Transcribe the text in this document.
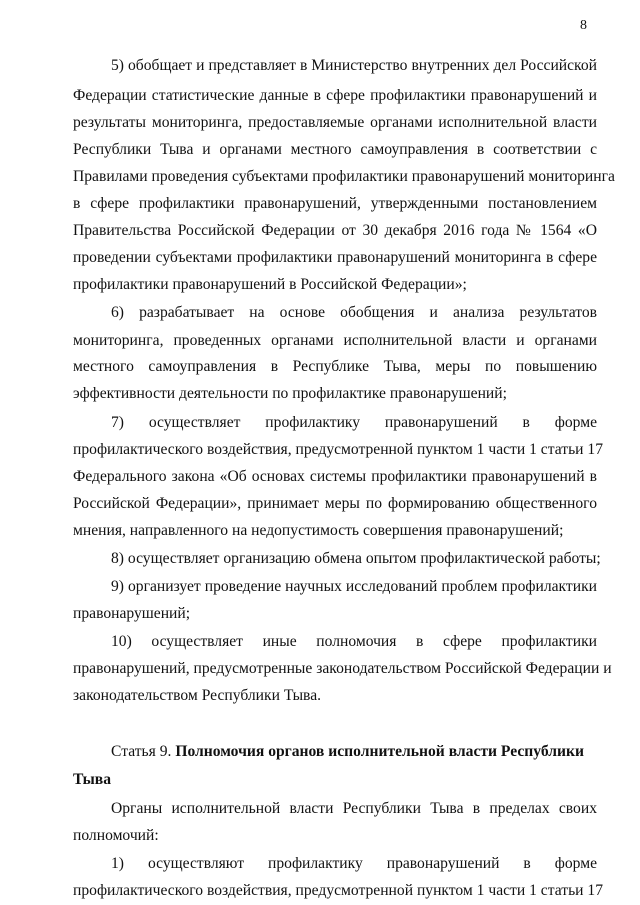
8
5) обобщает и представляет в Министерство внутренних дел Российской
Федерации статистические данные в сфере профилактики правонарушений и
результаты мониторинга, предоставляемые органами исполнительной власти
Республики Тыва и органами местного самоуправления в соответствии с
Правилами проведения субъектами профилактики правонарушений мониторинга
в сфере профилактики правонарушений, утвержденными постановлением
Правительства Российской Федерации от 30 декабря 2016 года № 1564 «О
проведении субъектами профилактики правонарушений мониторинга в сфере
профилактики правонарушений в Российской Федерации»;
6) разрабатывает на основе обобщения и анализа результатов
мониторинга, проведенных органами исполнительной власти и органами
местного самоуправления в Республике Тыва, меры по повышению
эффективности деятельности по профилактике правонарушений;
7) осуществляет профилактику правонарушений в форме
профилактического воздействия, предусмотренной пунктом 1 части 1 статьи 17
Федерального закона «Об основах системы профилактики правонарушений в
Российской Федерации», принимает меры по формированию общественного
мнения, направленного на недопустимость совершения правонарушений;
8) осуществляет организацию обмена опытом профилактической работы;
9) организует проведение научных исследований проблем профилактики
правонарушений;
10) осуществляет иные полномочия в сфере профилактики
правонарушений, предусмотренные законодательством Российской Федерации и
законодательством Республики Тыва.
Статья 9. Полномочия органов исполнительной власти Республики
Тыва
Органы исполнительной власти Республики Тыва в пределах своих
полномочий:
1) осуществляют профилактику правонарушений в форме
профилактического воздействия, предусмотренной пунктом 1 части 1 статьи 17
